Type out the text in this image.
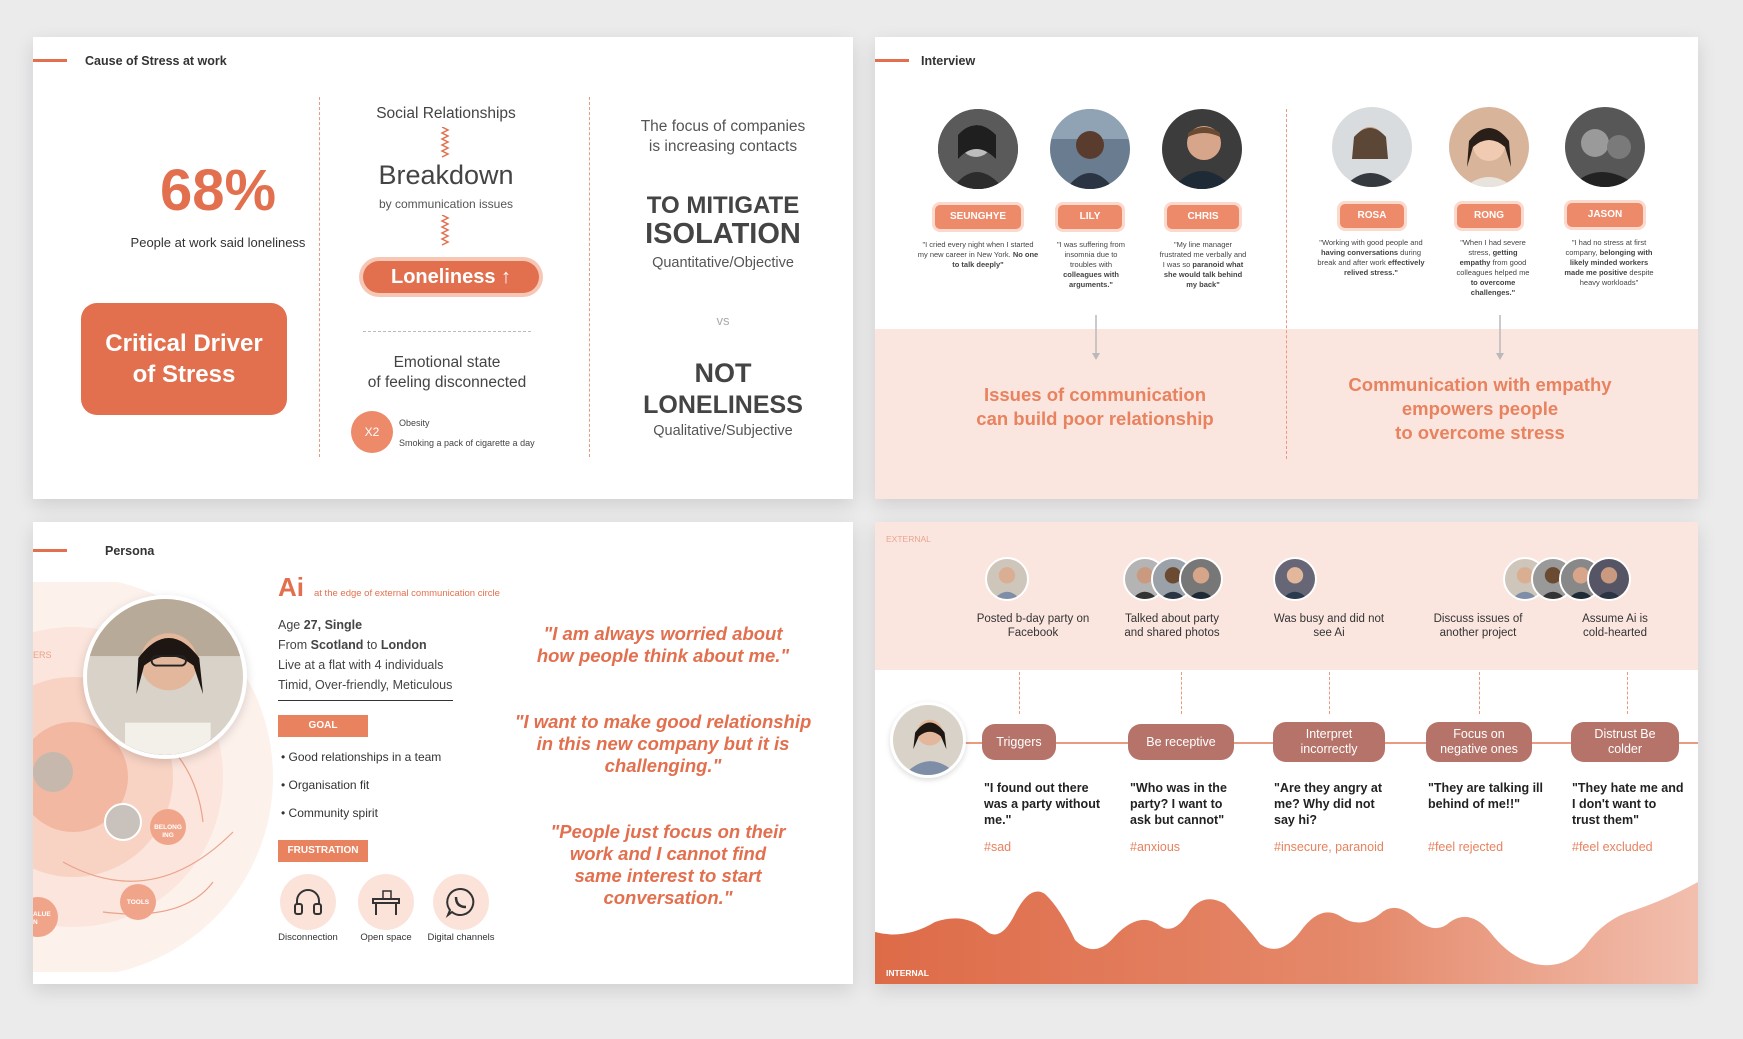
Cause of Stress at work
68%
People at work said loneliness
Critical Driver
of Stress
Social Relationships
Breakdown
by communication issues
Loneliness ↑
Emotional state
of feeling disconnected
X2
Obesity
Smoking a pack of cigarette a day
The focus of companies
is increasing contacts
TO MITIGATE
ISOLATION
Quantitative/Objective
vs
NOT
LONELINESS
Qualitative/Subjective
Interview
SEUNGHYE	LILY	CHRIS	ROSA	RONG	JASON
"I cried every night when I started my new career in New York. No one to talk deeply"
"I was suffering from insomnia due to troubles with colleagues with arguments."
"My line manager frustrated me verbally and I was so paranoid what she would talk behind my back"
"Working with good people and having conversations during break and after work effectively relived stress."
"When I had severe stress, getting empathy from good colleagues helped me to overcome challenges."
"I had no stress at first company, belonging with likely minded workers made me positive despite heavy workloads"
Issues of communication
can build poor relationship
Communication with empathy
empowers people
to overcome stress
Persona
ERS
BELONG
ING
TOOLS
ALUE
N
Ai at the edge of external communication circle
Age 27, Single
From Scotland to London
Live at a flat with 4 individuals
Timid, Over-friendly, Meticulous
GOAL
• Good relationships in a team
• Organisation fit
• Community spirit
FRUSTRATION
Disconnection	Open space	Digital channels
"I am always worried about how people think about me."
"I want to make good relationship in this new company but it is challenging."
"People just focus on their work and I cannot find same interest to start conversation."
EXTERNAL
Posted b-day party on Facebook
Talked about party and shared photos
Was busy and did not see Ai
Discuss issues of another project
Assume Ai is cold-hearted
Triggers	Be receptive
Interpret incorrectly
Focus on negative ones
Distrust Be colder
"I found out there was a party without me."
"Who was in the party? I want to ask but cannot"
"Are they angry at me? Why did not say hi?
"They are talking ill behind of me!!"
"They hate me and I don't want to trust them"
#sad	#anxious	#insecure, paranoid	#feel rejected	#feel excluded
INTERNAL
